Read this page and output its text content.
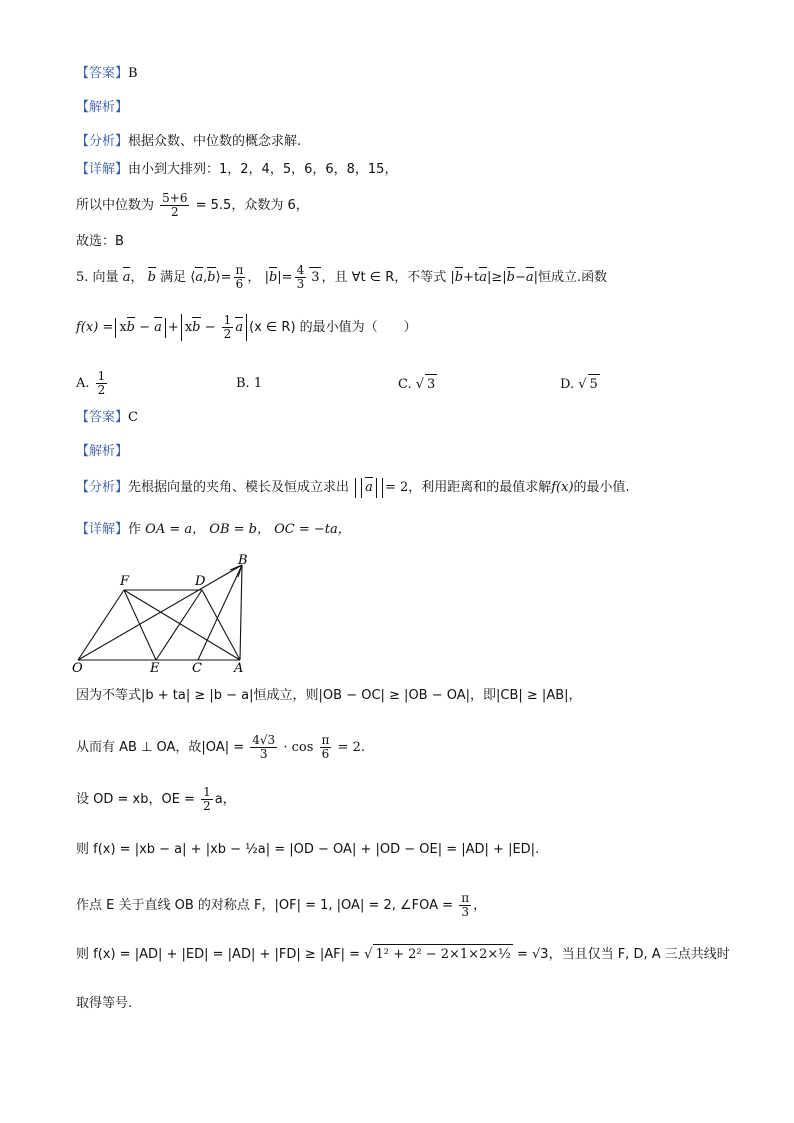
【答案】B
【解析】
【分析】根据众数、中位数的概念求解.
【详解】由小到大排列：1，2，4，5，6，6，8，15，
所以中位数为 $\frac{5+6}{2} = 5.5$，众数为 6，
故选：B
5. 向量 a， b 满足 ⟨a,b⟩= $\frac{\pi}{6}$ ， $|b|= \frac{4}{3} 3$ ，且 ∀t ∈ R，不等式 |b+ta|≥|b−a|恒成立.函数
f(x) = xb − a + xb − $\frac{1}{2}$ a (x ∈ R) 的最小值为（　　）
A. $\frac{1}{2}$	B. 1	C. √ 3	D. √ 5
【答案】C
【解析】
【分析】先根据向量的夹角、模长及恒成立求出 a = 2，利用距离和的最值求解f(x)的最小值.
【详解】作 OA = a， OB = b， OC = −ta，
F	D
B
O	E	C A
因为不等式|b + ta| ≥ |b − a|恒成立，则|OB − OC| ≥ |OB − OA|，即|CB| ≥ |AB|，
从而有 AB ⊥ OA，故$|OA| = \frac{4√3}{3} \cdot \cos \frac{\pi}{6} = 2$.
设 OD = xb，OE = $\frac{1}{2}$ a，
则 f(x) = |xb − a| + |xb − ½a| = |OD − OA| + |OD − OE| = |AD| + |ED|.
作点 E 关于直线 OB 的对称点 F，|OF| = 1, |OA| = 2, ∠FOA = $\frac{\pi}{3}$ ，
则 f(x) = |AD| + |ED| = |AD| + |FD| ≥ |AF| = √ 1² + 2² − 2×1×2×½ = √3，当且仅当 F, D, A 三点共线时
取得等号.
